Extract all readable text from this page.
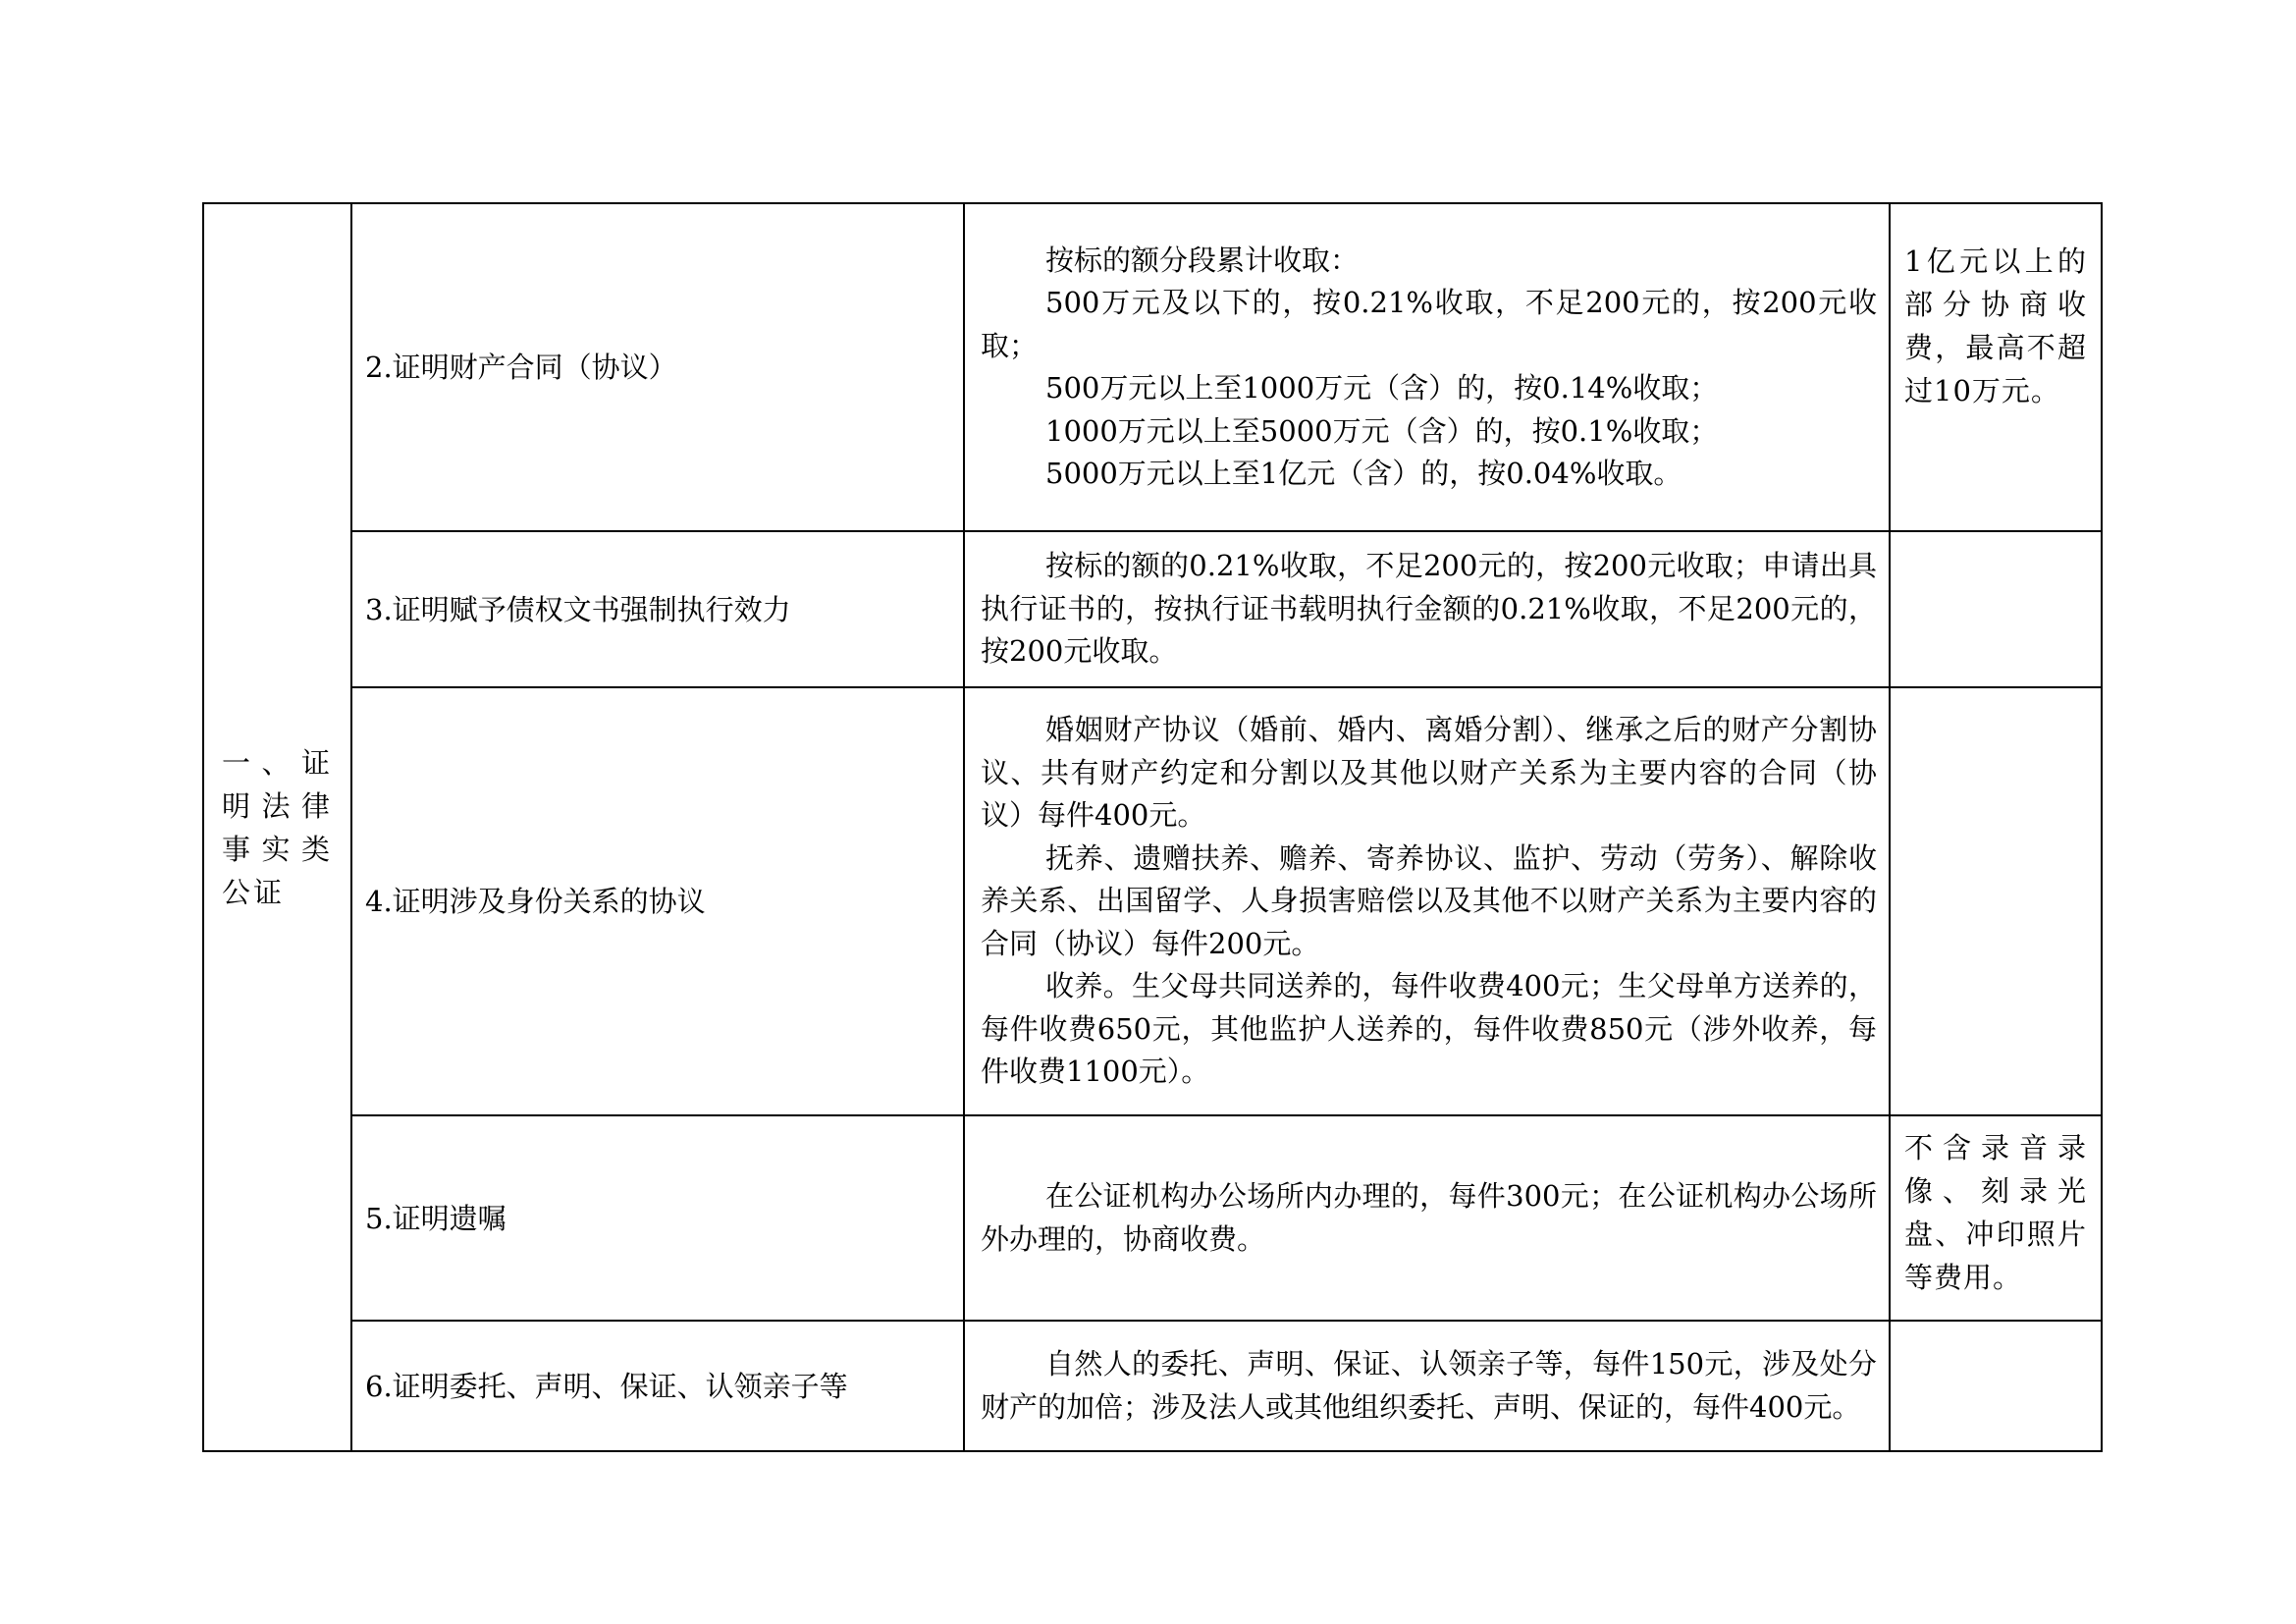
一、证明法律事实类公证	2.证明财产合同（协议）	按标的额分段累计收取：

500万元及以下的，按0.21%收取，不足200元的，按200元收取；

500万元以上至1000万元（含）的，按0.14%收取；

1000万元以上至5000万元（含）的，按0.1%收取；

5000万元以上至1亿元（含）的，按0.04%收取。	1亿元以上的部分协商收费，最高不超过10万元。

	3.证明赋予债权文书强制执行效力	按标的额的0.21%收取，不足200元的，按200元收取；申请出具执行证书的，按执行证书载明执行金额的0.21%收取，不足200元的，按200元收取。	

	4.证明涉及身份关系的协议	婚姻财产协议（婚前、婚内、离婚分割）、继承之后的财产分割协议、共有财产约定和分割以及其他以财产关系为主要内容的合同（协议）每件400元。

抚养、遗赠扶养、赡养、寄养协议、监护、劳动（劳务）、解除收养关系、出国留学、人身损害赔偿以及其他不以财产关系为主要内容的合同（协议）每件200元。

收养。生父母共同送养的，每件收费400元；生父母单方送养的，每件收费650元，其他监护人送养的，每件收费850元（涉外收养，每件收费1100元）。	

	5.证明遗嘱	在公证机构办公场所内办理的，每件300元；在公证机构办公场所外办理的，协商收费。	不含录音录像、刻录光盘、冲印照片等费用。

	6.证明委托、声明、保证、认领亲子等	自然人的委托、声明、保证、认领亲子等，每件150元，涉及处分财产的加倍；涉及法人或其他组织委托、声明、保证的，每件400元。	
